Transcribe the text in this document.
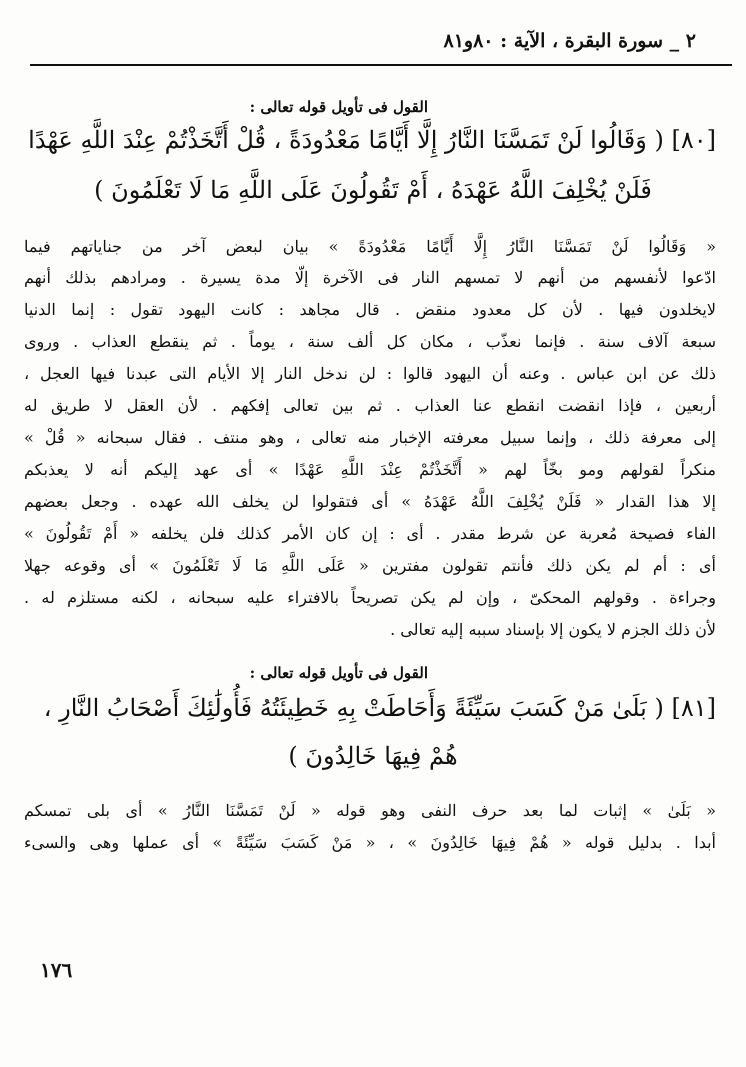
٢ _ سورة البقرة ، الآية : ٨٠و٨١
القول فى تأويل قوله تعالى :
[٨٠] ( وَقَالُوا لَنْ تَمَسَّنَا النَّارُ إِلَّا أَيَّامًا مَعْدُودَةً ، قُلْ أَتَّخَذْتُمْ عِنْدَ اللَّهِ عَهْدًا
فَلَنْ يُخْلِفَ اللَّهُ عَهْدَهُ ، أَمْ تَقُولُونَ عَلَى اللَّهِ مَا لَا تَعْلَمُونَ )
« وَقَالُوا لَنْ تَمَسَّنَا النَّارُ إِلَّا أَيَّامًا مَعْدُودَةً » بيان لبعض آخر من جناياتهم فيما
ادّعوا لأنفسهم من أنهم لا تمسهم النار فى الآخرة إلّا مدة يسيرة . ومرادهم بذلك أنهم
لايخلدون فيها . لأن كل معدود منقض . قال مجاهد : كانت اليهود تقول : إنما الدنيا
سبعة آلاف سنة . فإنما نعذّب ، مكان كل ألف سنة ، يوماً . ثم ينقطع العذاب . وروى
ذلك عن ابن عباس . وعنه أن اليهود قالوا : لن ندخل النار إلا الأيام التى عبدنا فيها العجل ،
أربعين ، فإذا انقضت انقطع عنا العذاب . ثم بين تعالى إفكهم . لأن العقل لا طريق له
إلى معرفة ذلك ، وإنما سبيل معرفته الإخبار منه تعالى ، وهو منتف . فقال سبحانه « قُلْ »
منكراً لقولهم ومو بخّاً لهم « أَتَّخَذْتُمْ عِنْدَ اللَّهِ عَهْدًا » أى عهد إليكم أنه لا يعذبكم
إلا هذا القدار « فَلَنْ يُخْلِفَ اللَّهُ عَهْدَهُ » أى فتقولوا لن يخلف الله عهده . وجعل بعضهم
الفاء فصيحة مُعربة عن شرط مقدر . أى : إن كان الأمر كذلك فلن يخلفه « أَمْ تَقُولُونَ »
أى : أم لم يكن ذلك فأنتم تقولون مفترين « عَلَى اللَّهِ مَا لَا تَعْلَمُونَ » أى وقوعه جهلا
وجراءة . وقولهم المحكىّ ، وإن لم يكن تصريحاً بالافتراء عليه سبحانه ، لكنه مستلزم له .
لأن ذلك الجزم لا يكون إلا بإسناد سببه إليه تعالى .
القول فى تأويل قوله تعالى :
[٨١] ( بَلَىٰ مَنْ كَسَبَ سَيِّئَةً وَأَحَاطَتْ بِهِ خَطِيئَتُهُ فَأُولَٰئِكَ أَصْحَابُ النَّارِ ،
هُمْ فِيهَا خَالِدُونَ )
« بَلَىٰ » إثبات لما بعد حرف النفى وهو قوله « لَنْ تَمَسَّنَا النَّارُ » أى بلى تمسكم
أبدا . بدليل قوله « هُمْ فِيهَا خَالِدُونَ » ، « مَنْ كَسَبَ سَيِّئَةً » أى عملها وهى والسىء
١٧٦
